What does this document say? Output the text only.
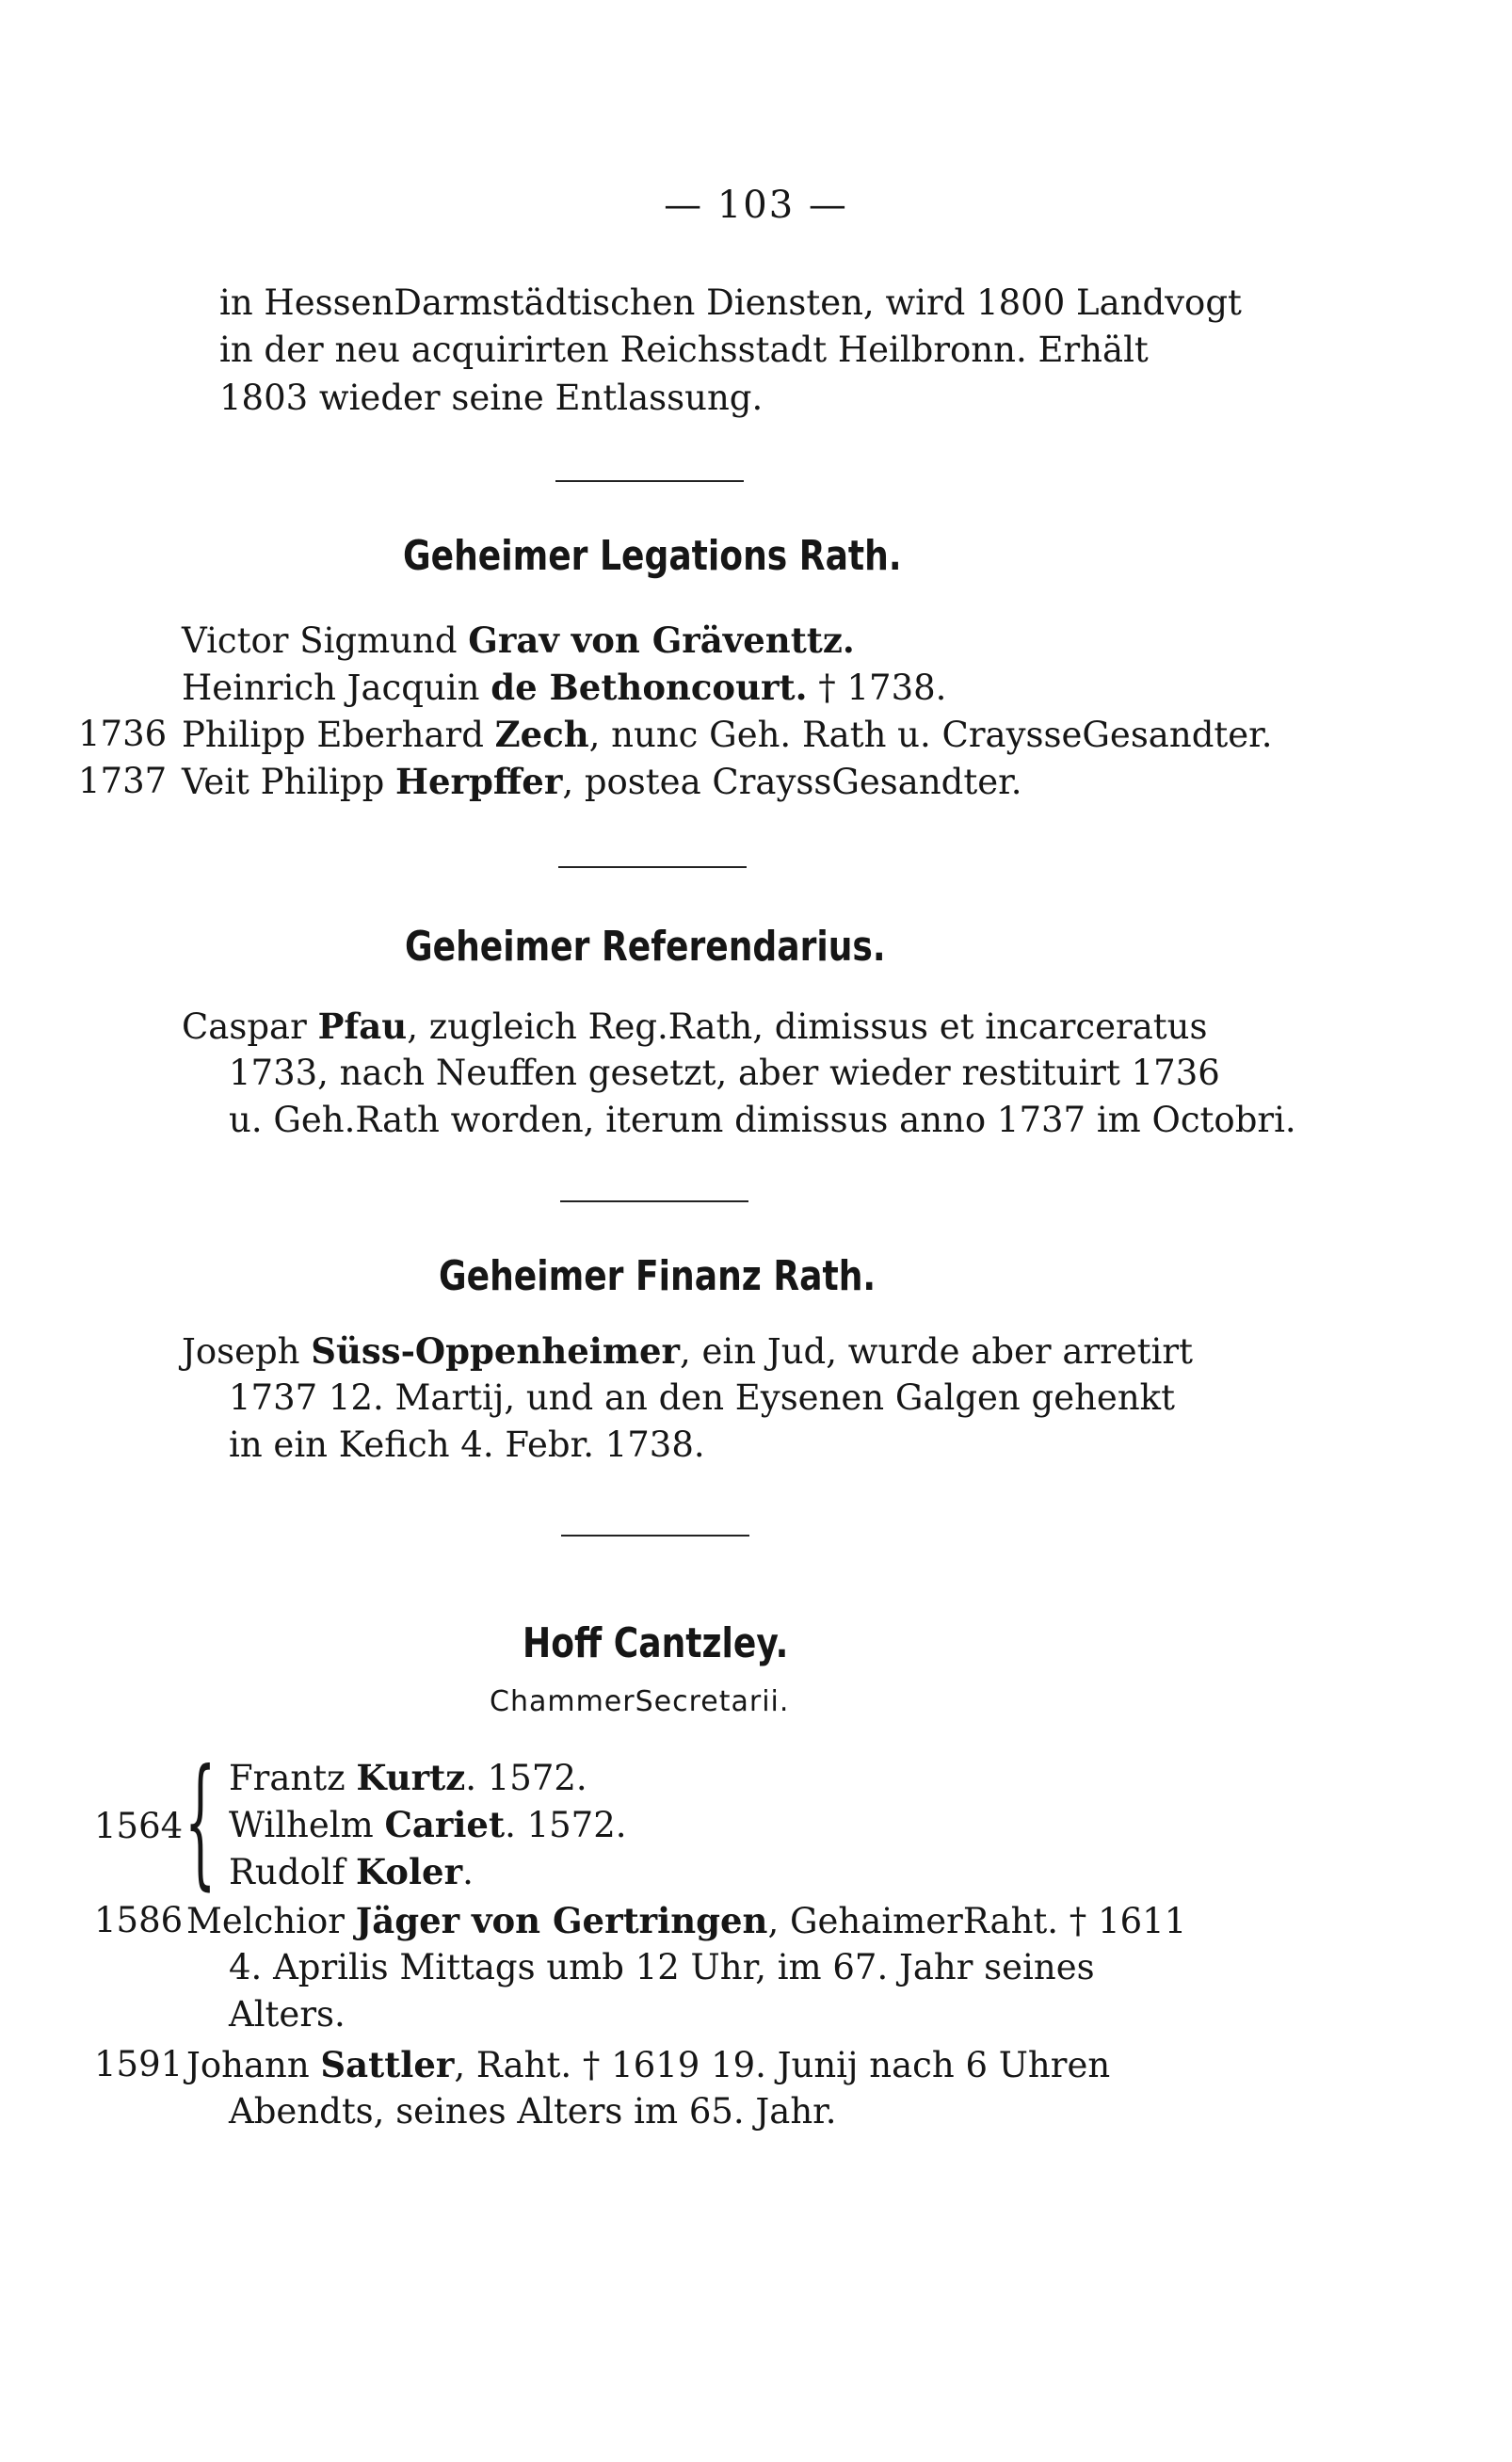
— 103 —
in HessenDarmstädtischen Diensten, wird 1800 Landvogt
in der neu acquirirten Reichsstadt Heilbronn. Erhält
1803 wieder seine Entlassung.
Geheimer Legations Rath.
Victor Sigmund Grav von Gräventtz.
Heinrich Jacquin de Bethoncourt. † 1738.
1736 Philipp Eberhard Zech, nunc Geh. Rath u. CraysseGesandter.
1737 Veit Philipp Herpffer, postea CrayssGesandter.
Geheimer Referendarius.
Caspar Pfau, zugleich Reg.Rath, dimissus et incarceratus
1733, nach Neuffen gesetzt, aber wieder restituirt 1736
u. Geh.Rath worden, iterum dimissus anno 1737 im Octobri.
Geheimer Finanz Rath.
Joseph Süss-Oppenheimer, ein Jud, wurde aber arretirt
1737 12. Martij, und an den Eysenen Galgen gehenkt
in ein Kefich 4. Febr. 1738.
Hoff Cantzley.
ChammerSecretarii.
{
1564
Frantz Kurtz. 1572.
Wilhelm Cariet. 1572.
Rudolf Koler.
1586 Melchior Jäger von Gertringen, GehaimerRaht. † 1611
4. Aprilis Mittags umb 12 Uhr, im 67. Jahr seines
Alters.
1591 Johann Sattler, Raht. † 1619 19. Junij nach 6 Uhren
Abendts, seines Alters im 65. Jahr.
